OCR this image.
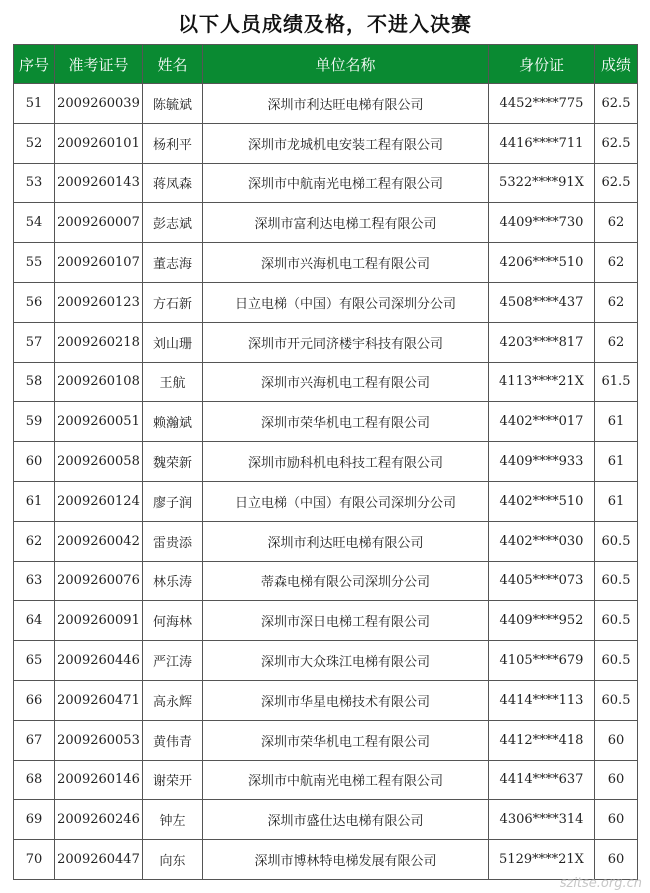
以下人员成绩及格，不进入决赛
序号	准考证号	姓名	单位名称	身份证	成绩
51	2009260039	陈毓斌	深圳市利达旺电梯有限公司	4452****775	62.5
52	2009260101	杨利平	深圳市龙城机电安装工程有限公司	4416****711	62.5
53	2009260143	蒋凤森	深圳市中航南光电梯工程有限公司	5322****91X	62.5
54	2009260007	彭志斌	深圳市富利达电梯工程有限公司	4409****730	62
55	2009260107	董志海	深圳市兴海机电工程有限公司	4206****510	62
56	2009260123	方石新	日立电梯（中国）有限公司深圳分公司	4508****437	62
57	2009260218	刘山珊	深圳市开元同济楼宇科技有限公司	4203****817	62
58	2009260108	王航	深圳市兴海机电工程有限公司	4113****21X	61.5
59	2009260051	赖瀚斌	深圳市荣华机电工程有限公司	4402****017	61
60	2009260058	魏荣新	深圳市励科机电科技工程有限公司	4409****933	61
61	2009260124	廖子润	日立电梯（中国）有限公司深圳分公司	4402****510	61
62	2009260042	雷贵添	深圳市利达旺电梯有限公司	4402****030	60.5
63	2009260076	林乐涛	蒂森电梯有限公司深圳分公司	4405****073	60.5
64	2009260091	何海林	深圳市深日电梯工程有限公司	4409****952	60.5
65	2009260446	严江涛	深圳市大众珠江电梯有限公司	4105****679	60.5
66	2009260471	高永辉	深圳市华星电梯技术有限公司	4414****113	60.5
67	2009260053	黄伟青	深圳市荣华机电工程有限公司	4412****418	60
68	2009260146	谢荣开	深圳市中航南光电梯工程有限公司	4414****637	60
69	2009260246	钟左	深圳市盛仕达电梯有限公司	4306****314	60
70	2009260447	向东	深圳市博林特电梯发展有限公司	5129****21X	60
szitse.org.cn
